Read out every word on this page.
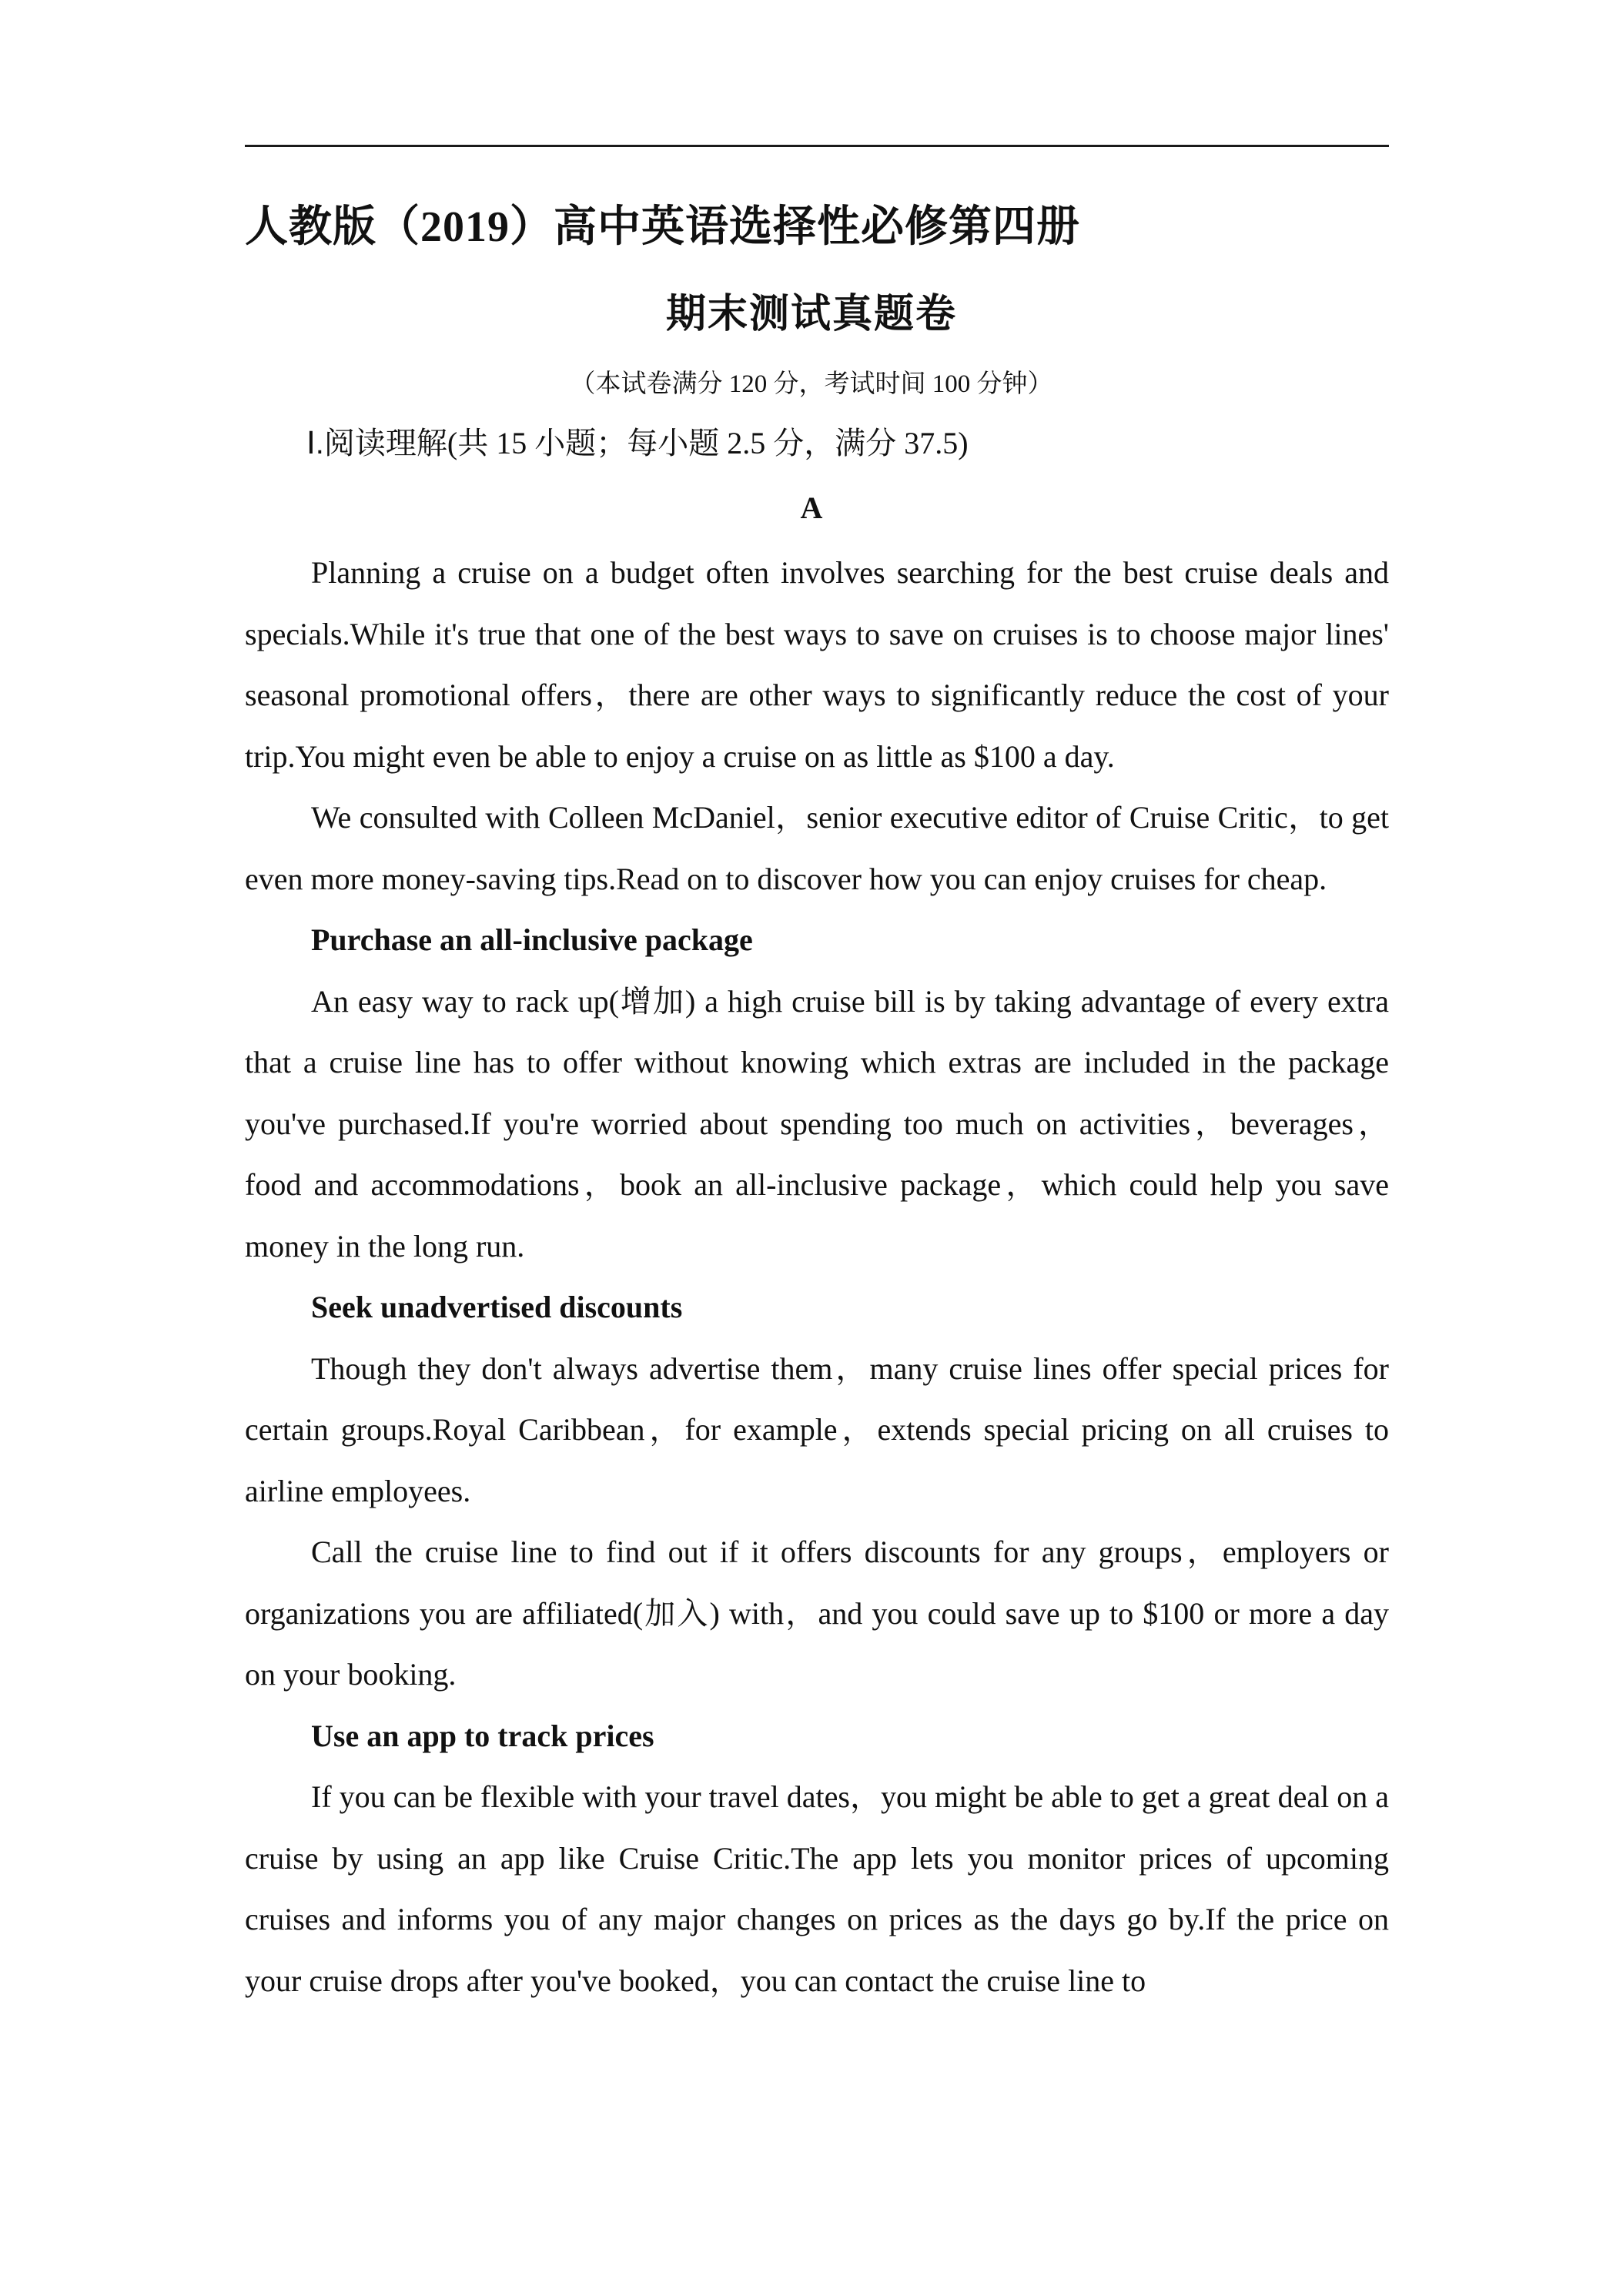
人教版（2019）高中英语选择性必修第四册
期末测试真题卷
（本试卷满分 120 分，考试时间 100 分钟）
Ⅰ.阅读理解(共 15 小题；每小题 2.5 分，满分 37.5)
A

Planning a cruise on a budget often involves searching for the best cruise deals and specials.While it's true that one of the best ways to save on cruises is to choose major lines' seasonal promotional offers，there are other ways to significantly reduce the cost of your trip.You might even be able to enjoy a cruise on as little as $100 a day.

We consulted with Colleen McDaniel，senior executive editor of Cruise Critic，to get even more money-saving tips.Read on to discover how you can enjoy cruises for cheap.

Purchase an all-inclusive package

An easy way to rack up(增加) a high cruise bill is by taking advantage of every extra that a cruise line has to offer without knowing which extras are included in the package you've purchased.If you're worried about spending too much on activities，beverages，food and accommodations，book an all-inclusive package，which could help you save money in the long run.

Seek unadvertised discounts

Though they don't always advertise them，many cruise lines offer special prices for certain groups.Royal Caribbean，for example，extends special pricing on all cruises to airline employees.

Call the cruise line to find out if it offers discounts for any groups，employers or organizations you are affiliated(加入) with，and you could save up to $100 or more a day on your booking.

Use an app to track prices

If you can be flexible with your travel dates，you might be able to get a great deal on a cruise by using an app like Cruise Critic.The app lets you monitor prices of upcoming cruises and informs you of any major changes on prices as the days go by.If the price on your cruise drops after you've booked，you can contact the cruise line to
